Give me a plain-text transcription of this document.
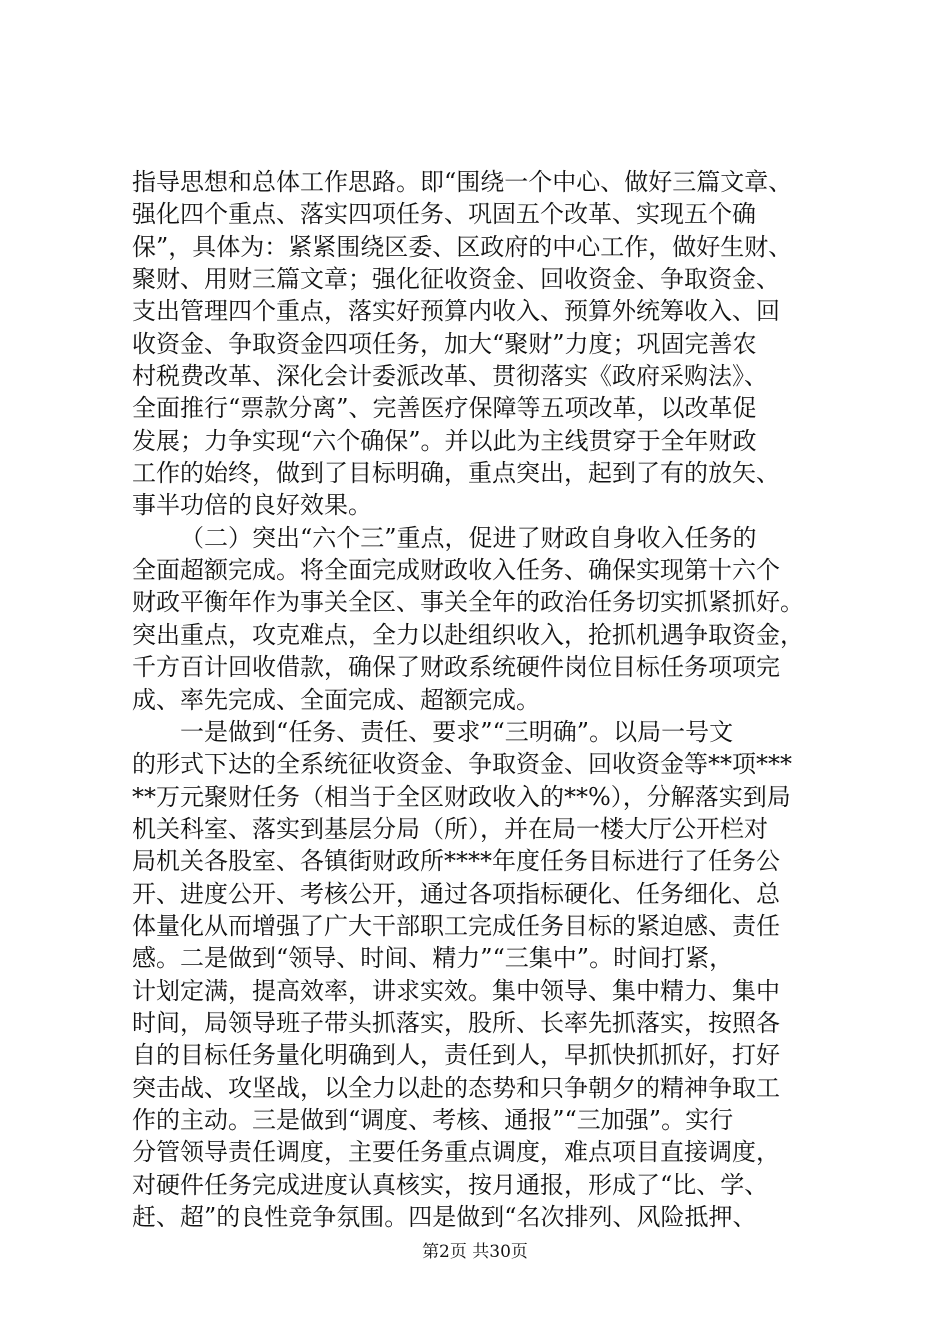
指导思想和总体工作思路。即“围绕一个中心、做好三篇文章、
强化四个重点、落实四项任务、巩固五个改革、实现五个确
保”，具体为：紧紧围绕区委、区政府的中心工作，做好生财、
聚财、用财三篇文章；强化征收资金、回收资金、争取资金、
支出管理四个重点，落实好预算内收入、预算外统筹收入、回
收资金、争取资金四项任务，加大“聚财”力度；巩固完善农
村税费改革、深化会计委派改革、贯彻落实《政府采购法》、
全面推行“票款分离”、完善医疗保障等五项改革，以改革促
发展；力争实现“六个确保”。并以此为主线贯穿于全年财政
工作的始终，做到了目标明确，重点突出，起到了有的放矢、
事半功倍的良好效果。
（二）突出“六个三”重点，促进了财政自身收入任务的
全面超额完成。将全面完成财政收入任务、确保实现第十六个
财政平衡年作为事关全区、事关全年的政治任务切实抓紧抓好。
突出重点，攻克难点，全力以赴组织收入，抢抓机遇争取资金，
千方百计回收借款，确保了财政系统硬件岗位目标任务项项完
成、率先完成、全面完成、超额完成。
一是做到“任务、责任、要求”“三明确”。以局一号文
的形式下达的全系统征收资金、争取资金、回收资金等**项***
**万元聚财任务（相当于全区财政收入的**%），分解落实到局
机关科室、落实到基层分局（所），并在局一楼大厅公开栏对
局机关各股室、各镇街财政所****年度任务目标进行了任务公
开、进度公开、考核公开，通过各项指标硬化、任务细化、总
体量化从而增强了广大干部职工完成任务目标的紧迫感、责任
感。二是做到“领导、时间、精力”“三集中”。时间打紧，
计划定满，提高效率，讲求实效。集中领导、集中精力、集中
时间，局领导班子带头抓落实，股所、长率先抓落实，按照各
自的目标任务量化明确到人，责任到人，早抓快抓抓好，打好
突击战、攻坚战，以全力以赴的态势和只争朝夕的精神争取工
作的主动。三是做到“调度、考核、通报”“三加强”。实行
分管领导责任调度，主要任务重点调度，难点项目直接调度，
对硬件任务完成进度认真核实，按月通报，形成了“比、学、
赶、超”的良性竞争氛围。四是做到“名次排列、风险抵押、
第2页 共30页
